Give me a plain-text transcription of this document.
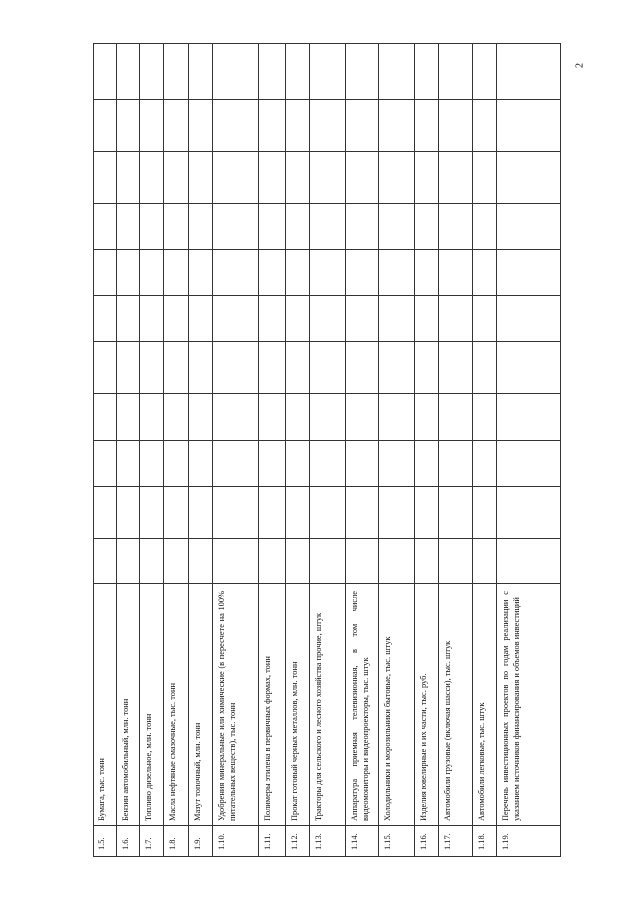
2
1.5.
Бумага, тыс. тонн
1.6.
Бензин автомобильный, млн. тонн
1.7.
Топливо дизельное, млн. тонн
1.8.
Масла нефтяные смазочные, тыс. тонн
1.9.
Мазут топочный, млн. тонн
1.10.
Удобрения минеральные или химические (в пересчете на 100% питательных веществ), тыс. тонн
1.11.
Полимеры этилена в первичных формах, тонн
1.12.
Прокат готовый черных металлов, млн. тонн
1.13.
Тракторы для сельского и лесного хозяйства прочие, штук
1.14.
Аппаратура приемная телевизионная, в том числе видеомониторы и видеопроекторы, тыс. штук
1.15.
Холодильники и морозильники бытовые, тыс. штук
1.16.
Изделия ювелирные и их части, тыс. руб.
1.17.
Автомобили грузовые (включая шасси), тыс. штук
1.18.
Автомобили легковые, тыс. штук
1.19.
Перечень инвестиционных проектов по годам реализации с указанием источников финансирования и объемов инвестиций
